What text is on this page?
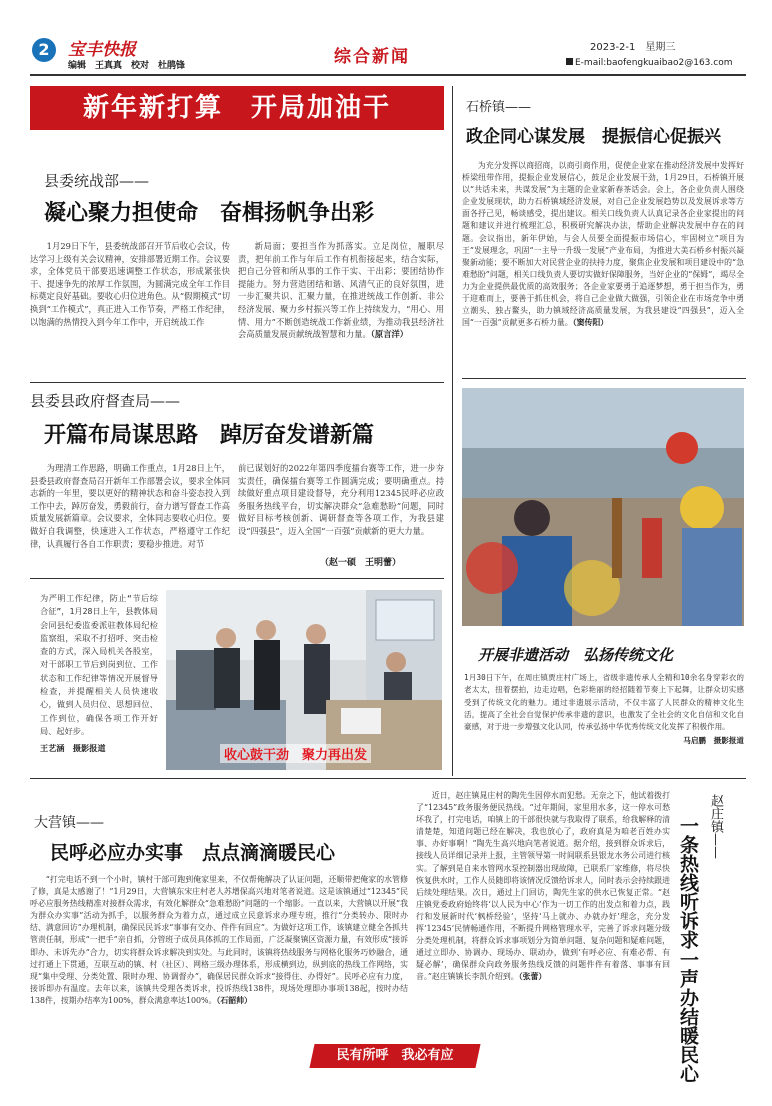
2	宝丰快报
编辑　王真真　校对　杜鹃锋	综合新闻	2023-2-1　星期三
E-mail:baofengkuaibao2@163.com
新年新打算　开局加油干
县委统战部——
凝心聚力担使命　奋楫扬帆争出彩
1月29日下午，县委统战部召开节后收心会议，传达学习上级有关会议精神，安排部署近期工作。会议要求，全体党员干部要迅速调整工作状态，形成紧张快干、提速争先的浓厚工作氛围，为圆满完成全年工作目标奠定良好基础。要收心归位进角色。从“假期模式”切换到“工作模式”，真正进入工作节奏，严格工作纪律，以饱满的热情投入到今年工作中，开启统战工作
新局面；要担当作为抓落实。立足岗位，履职尽责，把年前工作与年后工作有机衔接起来，结合实际，把自己分管和所从事的工作干实、干出彩；要团结协作提能力。努力营造团结和谐、风清气正的良好氛围，进一步汇聚共识、汇聚力量，在推进统战工作创新、非公经济发展、聚力乡村振兴等工作上持续发力，“用心、用情、用力”不断创造统战工作新业绩，为推动我县经济社会高质量发展贡献统战智慧和力量。（原言洋）
县委县政府督查局——
开篇布局谋思路　踔厉奋发谱新篇
为理清工作思路，明确工作重点，1月28日上午，县委县政府督查局召开新年工作部署会议，要求全体同志新的一年里，要以更好的精神状态和奋斗姿态投入到工作中去，踔厉奋发，勇毅前行，奋力谱写督查工作高质量发展新篇章。会议要求，全体同志要收心归位。要做好自我调整，快速进入工作状态，严格遵守工作纪律，认真履行各自工作职责；要稳步推进。对节
前已谋划好的2022年第四季度擂台赛等工作，进一步夯实责任，确保擂台赛等工作圆满完成；要明确重点。持续做好重点项目建设督导，充分利用12345民呼必应政务服务热线平台，切实解决群众“急难愁盼”问题，同时做好目标考核创新、调研督查等各项工作，为我县建设“四强县”，迈入全国“一百强”贡献新的更大力量。
（赵一硕　王明蕾）
为严明工作纪律，防止“节后综合征”，1月28日上午，县教体局会同县纪委监委派驻教体局纪检监察组，采取不打招呼、突击检查的方式，深入局机关各股室，对干部职工节后到岗到位、工作状态和工作纪律等情况开展督导检查，并提醒相关人员快速收心，做到人员归位、思想回位、工作到位，确保各项工作开好局、起好步。
王艺涵　摄影报道	收心鼓干劲　聚力再出发
石桥镇——
政企同心谋发展　提振信心促振兴
为充分发挥以商招商，以商引商作用，促使企业家在推动经济发展中发挥好桥梁纽带作用，提振企业发展信心，鼓足企业发展干劲，1月29日，石桥镇开展以“共话未来，共谋发展”为主题的企业家新春茶话会。会上，各企业负责人围绕企业发展现状，助力石桥镇域经济发展，对自己企业发展趋势以及发展诉求等方面各抒己见，畅谈感受，提出建议。相关口线负责人认真记录各企业家提出的问题和建议并进行梳理汇总，积极研究解决办法，帮助企业解决发展中存在的问题。会议指出，新年伊始，与会人员要全面提振市场信心，牢固树立“项目为王”发展理念，巩固“一主导一升级一发展”产业布局，为推进大美石桥乡村振兴凝聚新动能；要不断加大对民营企业的扶持力度，聚焦企业发展和项目建设中的“急难愁盼”问题，相关口线负责人要切实做好保障服务，当好企业的“保姆”，竭尽全力为企业提供最优质的高效服务；各企业家要勇于追逐梦想，勇于担当作为，勇于迎难而上，要善于抓住机会，将自己企业做大做强，引领企业在市场竞争中勇立潮头、独占鳌头，助力镇域经济高质量发展，为我县建设“四强县”，迈入全国“一百强”贡献更多石桥力量。（窦传阳）
开展非遗活动　弘扬传统文化
1月30日下午，在周庄镇贾庄村广场上，省级非遗传承人全精和10余名身穿彩衣的老太太，扭着摆拍，边走边唱，色彩艳丽的经招随着节奏上下起舞，让群众切实感受到了传统文化的魅力。通过非遗展示活动，不仅丰富了人民群众的精神文化生活，提高了全社会自觉保护传承非遗的意识，也激发了全社会的文化自信和文化自豪感，对于进一步增强文化认同，传承弘扬中华优秀传统文化发挥了积极作用。
马启鹏　摄影报道
大营镇——
民呼必应办实事　点点滴滴暖民心
“打完电话不到一个小时，镇村干部可跑到俺家里来，不仅帮俺解决了认证问题，还顺带把俺家的水管修了修，真是太感谢了！”1月29日，大营镇东宋庄村老人苏增保高兴地对笔者说道。这是该镇通过“12345”民呼必应服务热线精准对接群众需求，有效化解群众“急难愁盼”问题的一个缩影。一直以来，大营镇以开展“我为群众办实事”活动为抓手，以服务群众为着力点，通过成立民意诉求办理专班，推行“分类转办、限时办结、满意回访”办理机制，确保民民诉求“事事有交办、件件有回应”。为做好这项工作，该镇建立健全各抓共管责任制，形成“一把手”亲自抓，分管班子成员具体抓的工作局面，广泛凝聚镇区资源力量，有效形成“接诉即办、未诉先办”合力，切实将群众诉求解决到实处。与此同时，该镇将热线服务与网格化服务巧妙融合，通过打通上下贯通，互联互动的镇、村（社区）、网格三级办理体系，形成横到边，纵到底的热线工作网络，实现“集中受理、分类处置、限时办理、协调督办”，确保居民群众诉求“接得住、办得好”。民呼必应有力度，接诉即办有温度。去年以来，该镇共受理各类诉求，投诉热线138件，现场处理即办事项138起，按时办结138件，按期办结率为100%，群众满意率达100%。（石韶帅）
近日，赵庄镇晁庄村的陶先生因停水而犯愁。无奈之下，他试着拨打了“12345”政务服务便民热线。“过年期间，家里用水多，这一停水可愁坏我了，打完电话，咱镇上的干部很快就与我取得了联系，给我解释的清清楚楚，知道问题已经在解决，我也放心了，政府真是为咱老百姓办实事、办好事啊！”陶先生高兴地向笔者说道。据介绍，接到群众诉求后，接线人员详细记录并上报，主管领导第一时间联系县银龙水务公司进行核实。了解到是自来水管网水泵控制器出现故障，已联系厂家维修，将尽快恢复供水时，工作人员随即将该情况反馈给诉求人，同时表示会持续跟进后续处理结果。次日，通过上门回访，陶先生家的供水已恢复正常。“赵庄镇党委政府始终将‘以人民为中心’作为一切工作的出发点和着力点，践行和发展新时代‘枫桥经验’，坚持‘马上就办、办就办好’理念，充分发挥‘12345’民情畅通作用，不断提升网格管理水平，完善了诉求问题分级分类处理机制，将群众诉求事项划分为简单问题、复杂问题和疑难问题，通过立即办、协调办、现场办、联动办，做到‘有呼必应、有难必帮、有疑必解’，确保群众向政务服务热线反馈的问题件件有着落、事事有回音。”赵庄镇镇长李凯介绍到。（张蕾）
赵庄镇——
一条热线听诉求
一声办结暖民心
民有所呼　我必有应
